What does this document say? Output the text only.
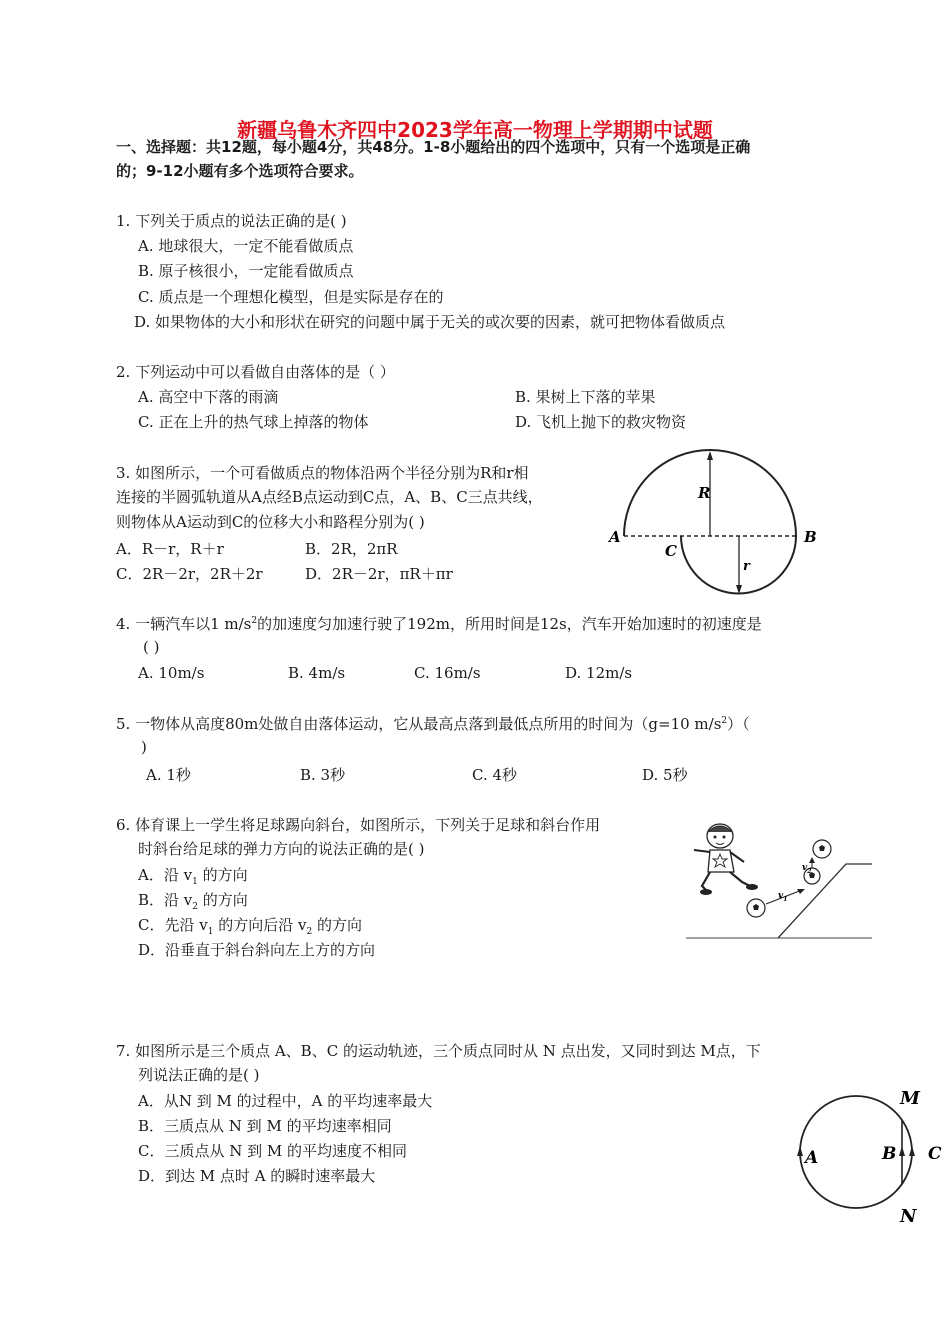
新疆乌鲁木齐四中2023学年高一物理上学期期中试题
一、选择题：共12题，每小题4分，共48分。1-8小题给出的四个选项中，只有一个选项是正确
的；9-12小题有多个选项符合要求。
1. 下列关于质点的说法正确的是( )
A. 地球很大，一定不能看做质点
B. 原子核很小，一定能看做质点
C. 质点是一个理想化模型，但是实际是存在的
D. 如果物体的大小和形状在研究的问题中属于无关的或次要的因素，就可把物体看做质点
2. 下列运动中可以看做自由落体的是（ ）
A. 高空中下落的雨滴	B. 果树上下落的苹果
C. 正在上升的热气球上掉落的物体	D. 飞机上抛下的救灾物资
3. 如图所示，一个可看做质点的物体沿两个半径分别为R和r相
连接的半圆弧轨道从A点经B点运动到C点，A、B、C三点共线，
则物体从A运动到C的位移大小和路程分别为( )
A．R－r，R＋r	B．2R，2πR
C．2R－2r，2R＋2r	D．2R－2r，πR＋πr
R
r
A	B
C
4. 一辆汽车以1 $m/s^2$的加速度匀加速行驶了192m，所用时间是12s，汽车开始加速时的初速度是
( )
A. 10m/s	B. 4m/s	C. 16m/s	D. 12m/s
5. 一物体从高度80m处做自由落体运动，它从最高点落到最低点所用的时间为（g=10 $m/s^2$）（
)
A. 1秒	B. 3秒	C. 4秒	D. 5秒
6. 体育课上一学生将足球踢向斜台，如图所示，下列关于足球和斜台作用
时斜台给足球的弹力方向的说法正确的是( )
A．沿 $v_1$ 的方向
B．沿 $v_2$ 的方向
C．先沿 $v_1$ 的方向后沿 $v_2$ 的方向
D．沿垂直于斜台斜向左上方的方向
$v_1$
$v_2$
7. 如图所示是三个质点 A、B、C 的运动轨迹，三个质点同时从 N 点出发，又同时到达 M点，下
列说法正确的是( )
A．从N 到 M 的过程中，A 的平均速率最大
B．三质点从 N 到 M 的平均速率相同
C．三质点从 N 到 M 的平均速度不相同
D．到达 M 点时 A 的瞬时速率最大
M
N
A	B C
